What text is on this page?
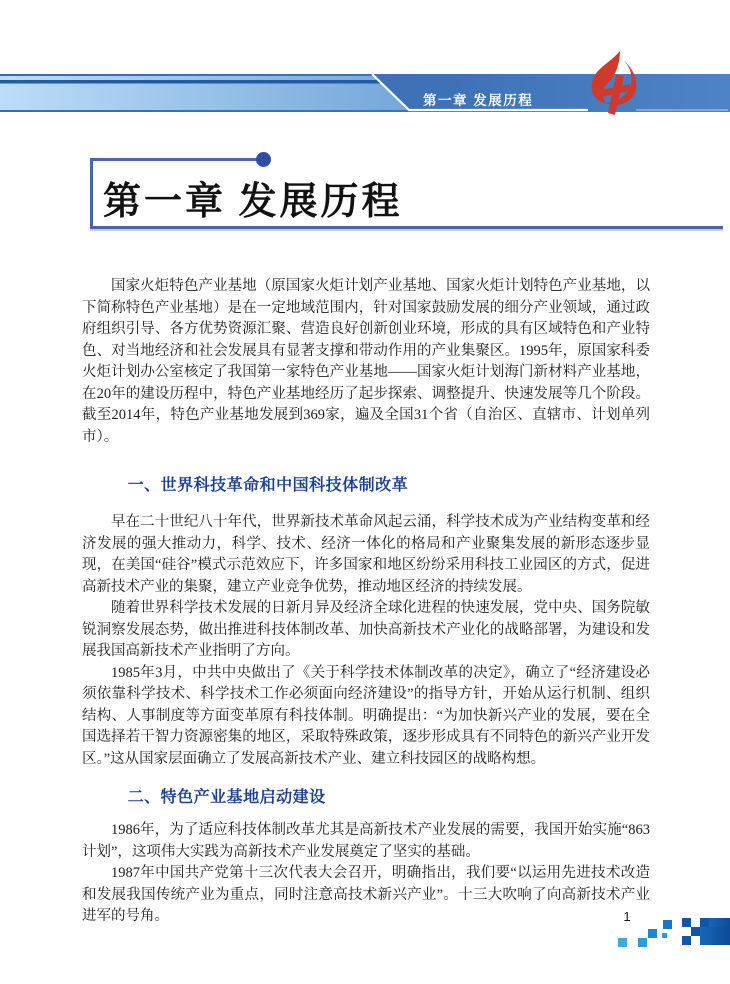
第一章 发展历程
第一章 发展历程

国家火炬特色产业基地（原国家火炬计划产业基地、国家火炬计划特色产业基地，以下简称特色产业基地）是在一定地域范围内，针对国家鼓励发展的细分产业领域，通过政府组织引导、各方优势资源汇聚、营造良好创新创业环境，形成的具有区域特色和产业特色、对当地经济和社会发展具有显著支撑和带动作用的产业集聚区。1995年，原国家科委火炬计划办公室核定了我国第一家特色产业基地——国家火炬计划海门新材料产业基地，在20年的建设历程中，特色产业基地经历了起步探索、调整提升、快速发展等几个阶段。截至2014年，特色产业基地发展到369家，遍及全国31个省（自治区、直辖市、计划单列市）。

一、世界科技革命和中国科技体制改革

早在二十世纪八十年代，世界新技术革命风起云涌，科学技术成为产业结构变革和经济发展的强大推动力，科学、技术、经济一体化的格局和产业聚集发展的新形态逐步显现，在美国“硅谷”模式示范效应下，许多国家和地区纷纷采用科技工业园区的方式，促进高新技术产业的集聚，建立产业竞争优势，推动地区经济的持续发展。

随着世界科学技术发展的日新月异及经济全球化进程的快速发展，党中央、国务院敏锐洞察发展态势，做出推进科技体制改革、加快高新技术产业化的战略部署，为建设和发展我国高新技术产业指明了方向。

1985年3月，中共中央做出了《关于科学技术体制改革的决定》，确立了“经济建设必须依靠科学技术、科学技术工作必须面向经济建设”的指导方针，开始从运行机制、组织结构、人事制度等方面变革原有科技体制。明确提出：“为加快新兴产业的发展，要在全国选择若干智力资源密集的地区，采取特殊政策，逐步形成具有不同特色的新兴产业开发区。”这从国家层面确立了发展高新技术产业、建立科技园区的战略构想。

二、特色产业基地启动建设

1986年，为了适应科技体制改革尤其是高新技术产业发展的需要，我国开始实施“863计划”，这项伟大实践为高新技术产业发展奠定了坚实的基础。

1987年中国共产党第十三次代表大会召开，明确指出，我们要“以运用先进技术改造和发展我国传统产业为重点，同时注意高技术新兴产业”。十三大吹响了向高新技术产业进军的号角。	1
